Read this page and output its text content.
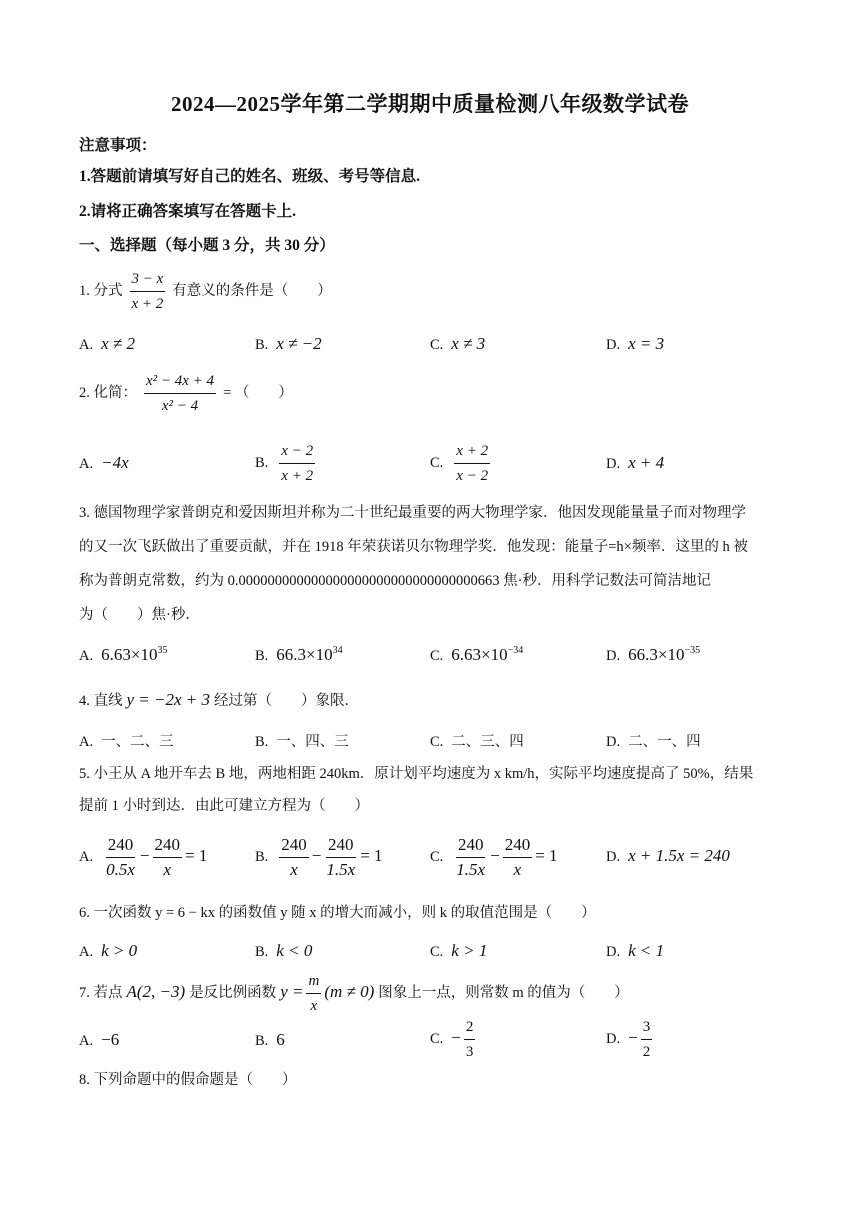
2024—2025学年第二学期期中质量检测八年级数学试卷
注意事项：
1.答题前请填写好自己的姓名、班级、考号等信息.
2.请将正确答案填写在答题卡上.
一、选择题（每小题 3 分，共 30 分）
1. 分式 $\frac{3 - x}{x + 2}$ 有意义的条件是（　　）
A. x ≠ 2	B. x ≠ −2	C. x ≠ 3	D. x = 3
2. 化简： $\frac{\text{x² − 4x + 4}}{\text{x² − 4}}$ = （　　）
A. −4x	B. $\frac{x - 2}{x + 2}$	C. $\frac{x + 2}{x - 2}$	D. x + 4
3. 德国物理学家普朗克和爱因斯坦并称为二十世纪最重要的两大物理学家．他因发现能量量子而对物理学
的又一次飞跃做出了重要贡献，并在 1918 年荣获诺贝尔物理学奖．他发现：能量子=h×频率．这里的 h 被
称为普朗克常数，约为 0.000000000000000000000000000000000663 焦·秒．用科学记数法可简洁地记
为（　　）焦·秒．
A. $6.63\times 10^{35}$	B. $66.3\times 10^{34}$	C. $6.63\times 10^{-34}$	D. $66.3\times 10^{-35}$
4. 直线 y = −2x + 3 经过第（　　）象限．
A. 一、二、三	B. 一、四、三	C. 二、三、四	D. 二、一、四
5. 小王从 A 地开车去 B 地，两地相距 240km．原计划平均速度为 x km/h，实际平均速度提高了 50%，结果
提前 1 小时到达．由此可建立方程为（　　）
A. $\frac{240}{0.5x} - \frac{240}{x} = 1$	B. $\frac{240}{x} - \frac{240}{1.5x} = 1$	C. $\frac{240}{1.5x} - \frac{240}{x} = 1$	D. x + 1.5x = 240
6. 一次函数 y = 6 − kx 的函数值 y 随 x 的增大而减小，则 k 的取值范围是（　　）
A. k > 0	B. k < 0	C. k > 1	D. k < 1
7. 若点 A(2, −3) 是反比例函数 $y = \frac{m}{x} (m \ne 0)$ 图象上一点，则常数 m 的值为（　　）
A. −6	B. 6	C. − $\frac{2}{3}$	D. − $\frac{3}{2}$
8. 下列命题中的假命题是（　　）
